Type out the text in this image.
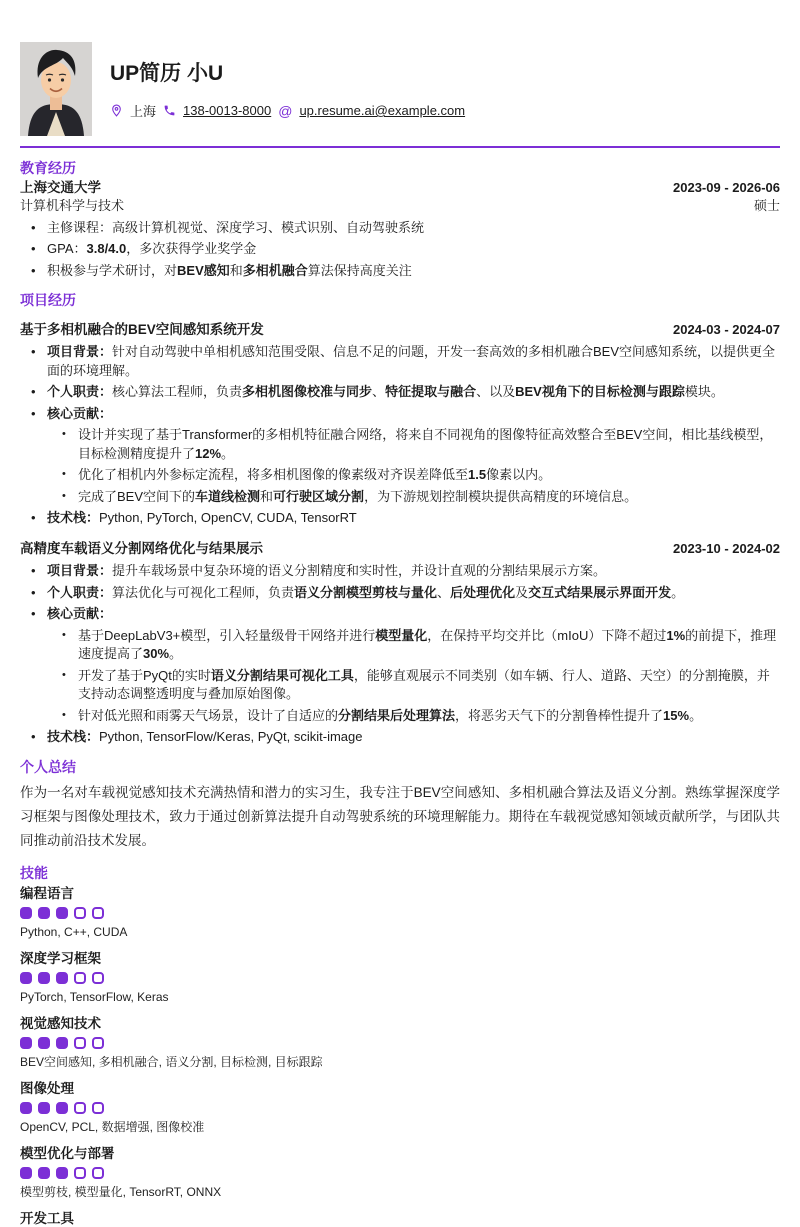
UP简历 小U
上海 138-0013-8000 @ up.resume.ai@example.com
教育经历
上海交通大学	2023-09 - 2026-06
计算机科学与技术	硕士
• 主修课程：高级计算机视觉、深度学习、模式识别、自动驾驶系统
• GPA：3.8/4.0，多次获得学业奖学金
• 积极参与学术研讨，对BEV感知和多相机融合算法保持高度关注
项目经历
基于多相机融合的BEV空间感知系统开发	2024-03 - 2024-07
• 项目背景：针对自动驾驶中单相机感知范围受限、信息不足的问题，开发一套高效的多相机融合BEV空间感知系统，以提供更全面的环境理解。
• 个人职责：核心算法工程师，负责多相机图像校准与同步、特征提取与融合、以及BEV视角下的目标检测与跟踪模块。
• 核心贡献：
• 设计并实现了基于Transformer的多相机特征融合网络，将来自不同视角的图像特征高效整合至BEV空间，相比基线模型，目标检测精度提升了12%。
• 优化了相机内外参标定流程，将多相机图像的像素级对齐误差降低至1.5像素以内。
• 完成了BEV空间下的车道线检测和可行驶区域分割，为下游规划控制模块提供高精度的环境信息。
• 技术栈：Python, PyTorch, OpenCV, CUDA, TensorRT
高精度车载语义分割网络优化与结果展示	2023-10 - 2024-02
• 项目背景：提升车载场景中复杂环境的语义分割精度和实时性，并设计直观的分割结果展示方案。
• 个人职责：算法优化与可视化工程师，负责语义分割模型剪枝与量化、后处理优化及交互式结果展示界面开发。
• 核心贡献：
• 基于DeepLabV3+模型，引入轻量级骨干网络并进行模型量化，在保持平均交并比（mIoU）下降不超过1%的前提下，推理速度提高了30%。
• 开发了基于PyQt的实时语义分割结果可视化工具，能够直观展示不同类别（如车辆、行人、道路、天空）的分割掩膜，并支持动态调整透明度与叠加原始图像。
• 针对低光照和雨雾天气场景，设计了自适应的分割结果后处理算法，将恶劣天气下的分割鲁棒性提升了15%。
• 技术栈：Python, TensorFlow/Keras, PyQt, scikit-image
个人总结

作为一名对车载视觉感知技术充满热情和潜力的实习生，我专注于BEV空间感知、多相机融合算法及语义分割。熟练掌握深度学习框架与图像处理技术，致力于通过创新算法提升自动驾驶系统的环境理解能力。期待在车载视觉感知领域贡献所学，与团队共同推动前沿技术发展。

技能
编程语言
Python, C++, CUDA
深度学习框架
PyTorch, TensorFlow, Keras
视觉感知技术
BEV空间感知, 多相机融合, 语义分割, 目标检测, 目标跟踪
图像处理
OpenCV, PCL, 数据增强, 图像校准
模型优化与部署
模型剪枝, 模型量化, TensorRT, ONNX
开发工具
